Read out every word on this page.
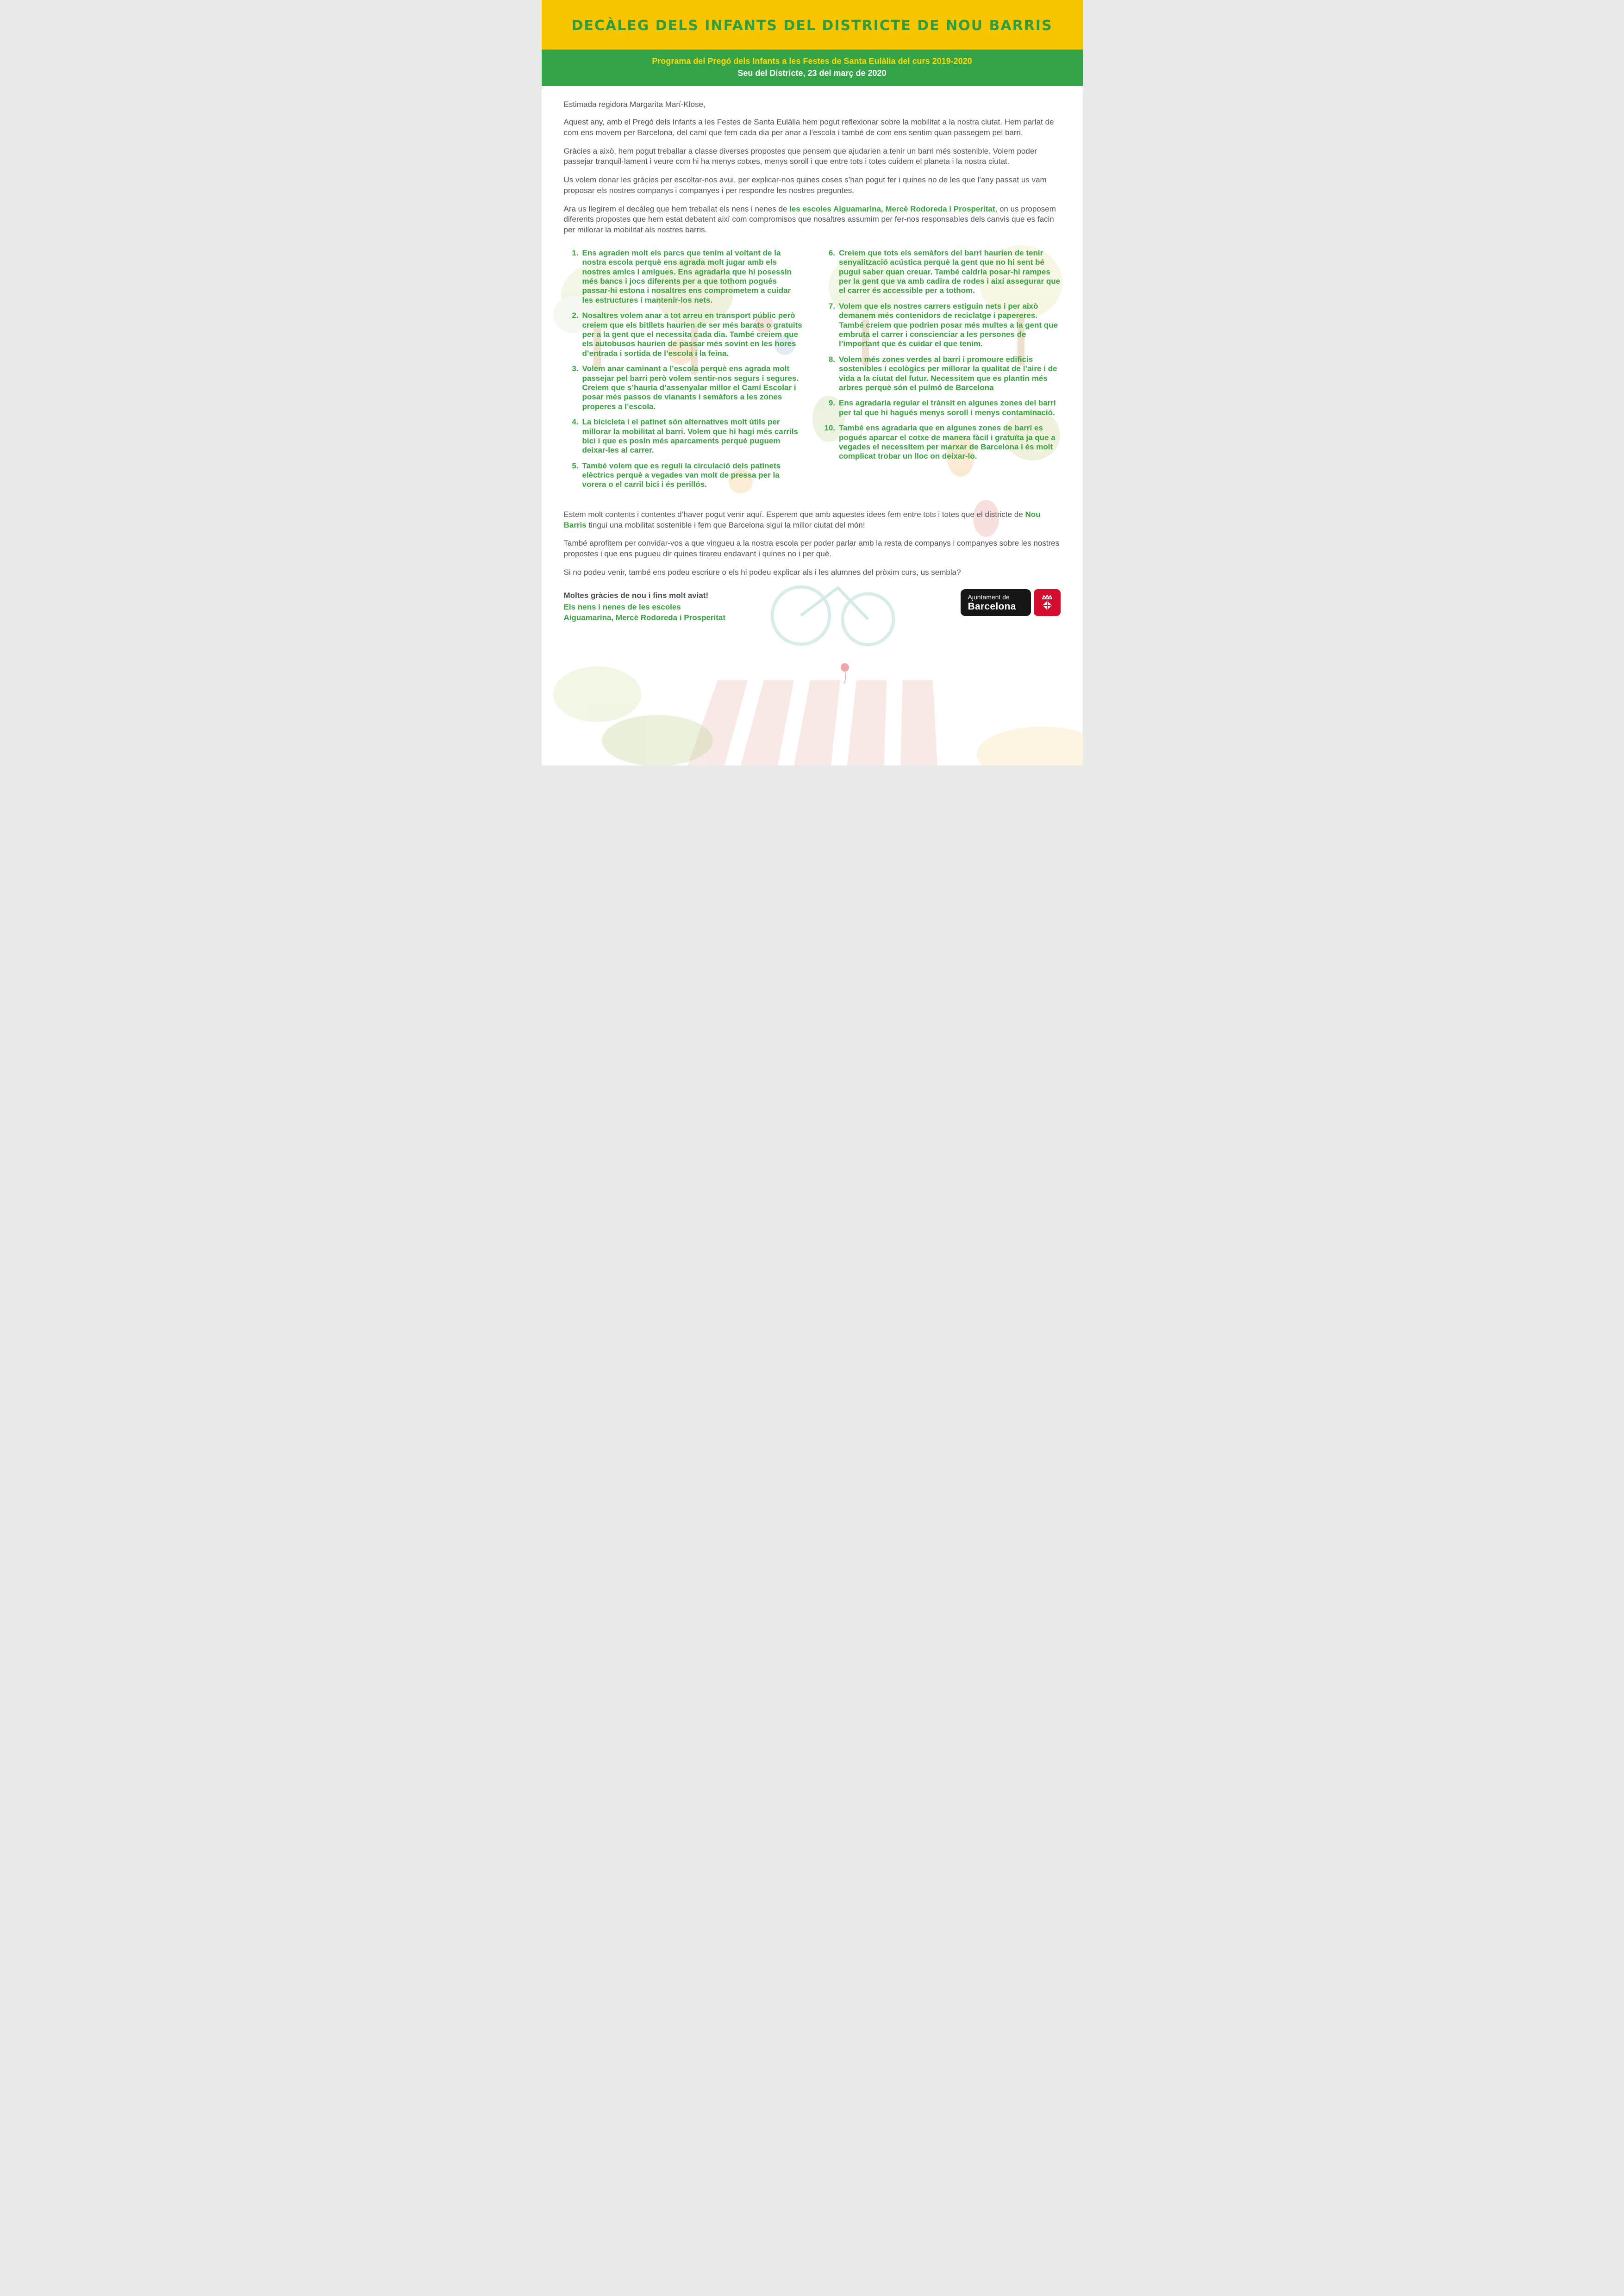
DECÀLEG DELS INFANTS DEL DISTRICTE DE NOU BARRIS
Programa del Pregó dels Infants a les Festes de Santa Eulàlia del curs 2019-2020
Seu del Districte, 23 del març de 2020

Estimada regidora Margarita Marí-Klose,

Aquest any, amb el Pregó dels Infants a les Festes de Santa Eulàlia hem pogut reflexionar sobre la mobilitat a la nostra ciutat. Hem parlat de com ens movem per Barcelona, del camí que fem cada dia per anar a l’escola i també de com ens sentim quan passegem pel barri.

Gràcies a això, hem pogut treballar a classe diverses propostes que pensem que ajudarien a tenir un barri més sostenible. Volem poder passejar tranquil·lament i veure com hi ha menys cotxes, menys soroll i que entre tots i totes cuidem el planeta i la nostra ciutat.

Us volem donar les gràcies per escoltar-nos avui, per explicar-nos quines coses s’han pogut fer i quines no de les que l’any passat us vam proposar els nostres companys i companyes i per respondre les nostres preguntes.

Ara us llegirem el decàleg que hem treballat els nens i nenes de les escoles Aiguamarina, Mercè Rodoreda i Prosperitat, on us proposem diferents propostes que hem estat debatent així com compromisos que nosaltres assumim per fer-nos responsables dels canvis que es facin per millorar la mobilitat als nostres barris.

1. Ens agraden molt els parcs que tenim al voltant de la nostra escola perquè ens agrada molt jugar amb els nostres amics i amigues. Ens agradaria que hi posessin més bancs i jocs diferents per a que tothom pogués passar-hi estona i nosaltres ens comprometem a cuidar les estructures i mantenir-los nets.
2. Nosaltres volem anar a tot arreu en transport públic però creiem que els bitllets haurien de ser més barats o gratuïts per a la gent que el necessita cada dia. També creiem que els autobusos haurien de passar més sovint en les hores d’entrada i sortida de l’escola i la feina.
3. Volem anar caminant a l’escola perquè ens agrada molt passejar pel barri però volem sentir-nos segurs i segures. Creiem que s’hauria d’assenyalar millor el Camí Escolar i posar més passos de vianants i semàfors a les zones properes a l’escola.
4. La bicicleta i el patinet són alternatives molt útils per millorar la mobilitat al barri. Volem que hi hagi més carrils bici i que es posin més aparcaments perquè puguem deixar-les al carrer.
5. També volem que es reguli la circulació dels patinets elèctrics perquè a vegades van molt de pressa per la vorera o el carril bici i és perillós.
6. Creiem que tots els semàfors del barri haurien de tenir senyalització acústica perquè la gent que no hi sent bé pugui saber quan creuar. També caldria posar-hi rampes per la gent que va amb cadira de rodes i així assegurar que el carrer és accessible per a tothom.
7. Volem que els nostres carrers estiguin nets i per això demanem més contenidors de reciclatge i papereres. També creiem que podrien posar més multes a la gent que embruta el carrer i conscienciar a les persones de l’important que és cuidar el que tenim.
8. Volem més zones verdes al barri i promoure edificis sostenibles i ecològics per millorar la qualitat de l’aire i de vida a la ciutat del futur. Necessitem que es plantin més arbres perquè són el pulmó de Barcelona
9. Ens agradaria regular el trànsit en algunes zones del barri per tal que hi hagués menys soroll i menys contaminació.
10. També ens agradaria que en algunes zones de barri es pogués aparcar el cotxe de manera fàcil i gratuïta ja que a vegades el necessitem per marxar de Barcelona i és molt complicat trobar un lloc on deixar-lo.

Estem molt contents i contentes d’haver pogut venir aquí. Esperem que amb aquestes idees fem entre tots i totes que el districte de Nou Barris tingui una mobilitat sostenible i fem que Barcelona sigui la millor ciutat del món!

També aprofitem per convidar-vos a que vingueu a la nostra escola per poder parlar amb la resta de companys i companyes sobre les nostres propostes i que ens pugueu dir quines tirareu endavant i quines no i per què.

Si no podeu venir, també ens podeu escriure o els hi podeu explicar als i les alumnes del pròxim curs, us sembla?

Moltes gràcies de nou i fins molt aviat!

Els nens i nenes de les escoles
Aiguamarina, Mercè Rodoreda i Prosperitat

Ajuntament de
Barcelona
